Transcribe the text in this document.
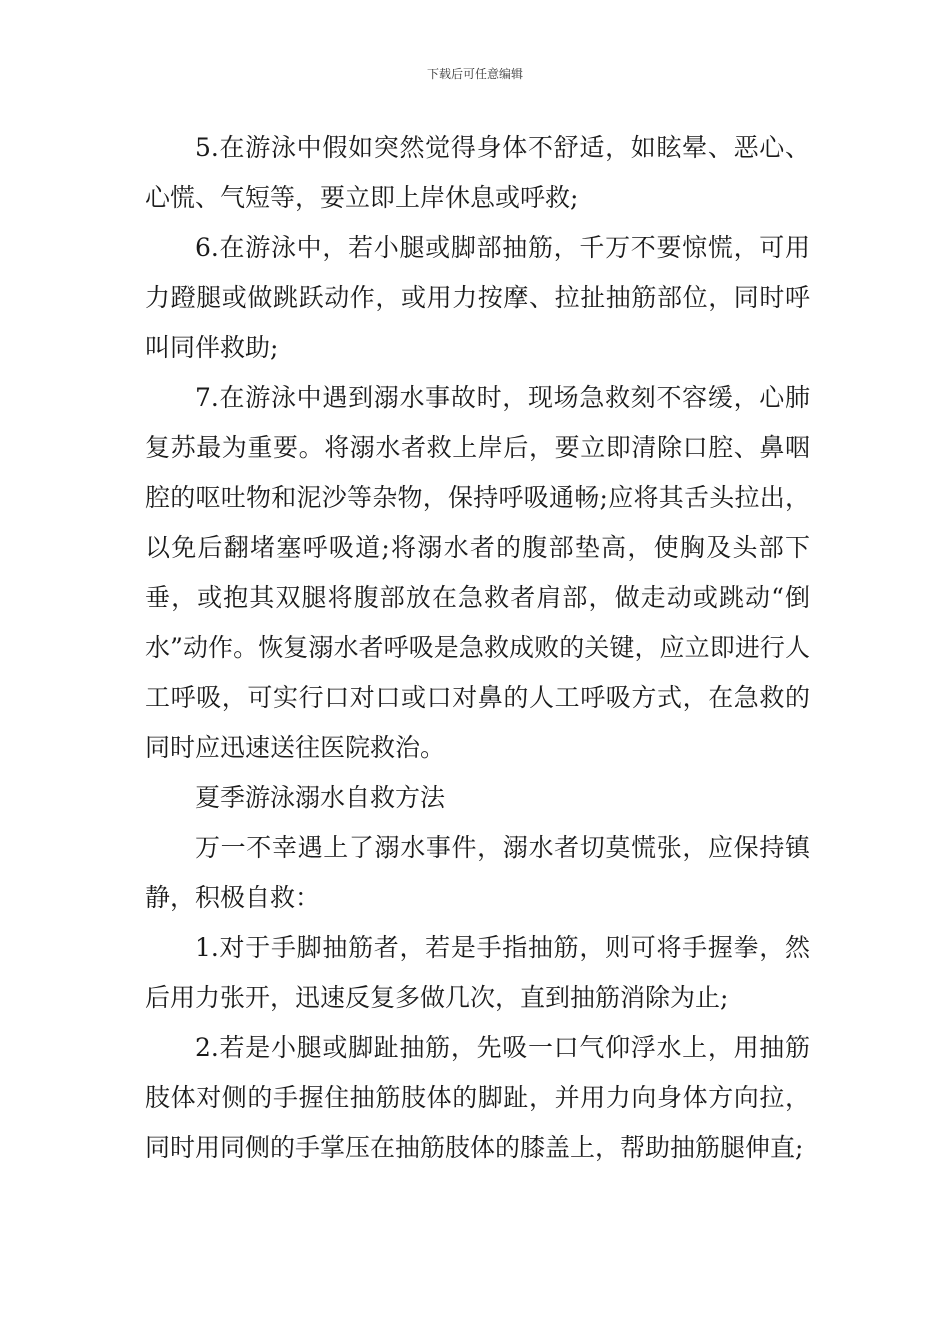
下载后可任意编辑

5.在游泳中假如突然觉得身体不舒适，如眩晕、恶心、心慌、气短等，要立即上岸休息或呼救;

6.在游泳中，若小腿或脚部抽筋，千万不要惊慌，可用力蹬腿或做跳跃动作，或用力按摩、拉扯抽筋部位，同时呼叫同伴救助;

7.在游泳中遇到溺水事故时，现场急救刻不容缓，心肺复苏最为重要。将溺水者救上岸后，要立即清除口腔、鼻咽腔的呕吐物和泥沙等杂物，保持呼吸通畅;应将其舌头拉出，以免后翻堵塞呼吸道;将溺水者的腹部垫高，使胸及头部下垂，或抱其双腿将腹部放在急救者肩部，做走动或跳动“倒水”动作。恢复溺水者呼吸是急救成败的关键，应立即进行人工呼吸，可实行口对口或口对鼻的人工呼吸方式，在急救的同时应迅速送往医院救治。

夏季游泳溺水自救方法

万一不幸遇上了溺水事件，溺水者切莫慌张，应保持镇静，积极自救：

1.对于手脚抽筋者，若是手指抽筋，则可将手握拳，然后用力张开，迅速反复多做几次，直到抽筋消除为止;

2.若是小腿或脚趾抽筋，先吸一口气仰浮水上，用抽筋肢体对侧的手握住抽筋肢体的脚趾，并用力向身体方向拉，同时用同侧的手掌压在抽筋肢体的膝盖上，帮助抽筋腿伸直;
